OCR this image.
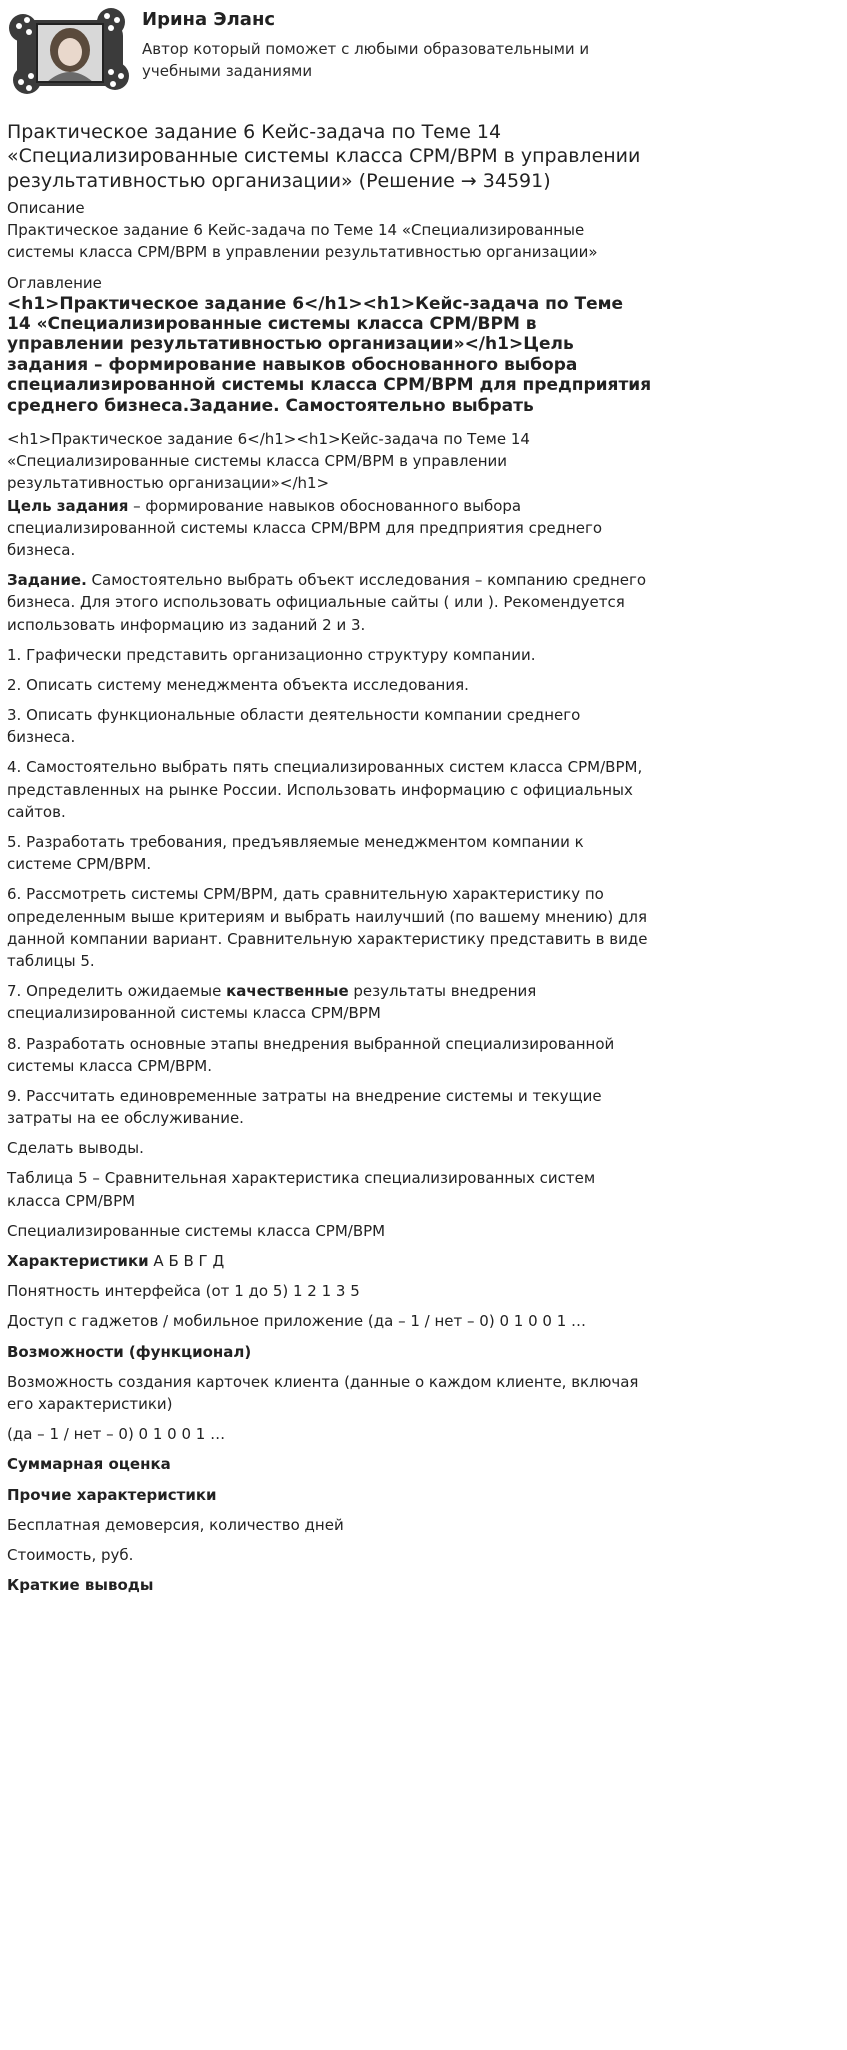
Ирина Эланс
Автор который поможет с любыми образовательными и учебными заданиями
Практическое задание 6 Кейс-задача по Теме 14 «Специализированные системы класса CPM/BPM в управлении результативностью организации» (Решение → 34591)
Описание

Практическое задание 6 Кейс-задача по Теме 14 «Специализированные системы класса CPM/BPM в управлении результативностью организации»

Оглавление

<h1>Практическое задание 6</h1><h1>Кейс-задача по Теме 14 «Специализированные системы класса CPM/BPM в управлении результативностью организации»</h1>Цель задания – формирование навыков обоснованного выбора специализированной системы класса CPM/BPM для предприятия среднего бизнеса.Задание. Самостоятельно выбрать

<h1>Практическое задание 6</h1><h1>Кейс-задача по Теме 14 «Специализированные системы класса CPM/BPM в управлении результативностью организации»</h1>

Цель задания – формирование навыков обоснованного выбора специализированной системы класса CPM/BPM для предприятия среднего бизнеса.

Задание. Самостоятельно выбрать объект исследования – компанию среднего бизнеса. Для этого использовать официальные сайты ( или ). Рекомендуется использовать информацию из заданий 2 и 3.

1. Графически представить организационно структуру компании.

2. Описать систему менеджмента объекта исследования.

3. Описать функциональные области деятельности компании среднего бизнеса.

4. Самостоятельно выбрать пять специализированных систем класса CPM/BPM, представленных на рынке России. Использовать информацию с официальных сайтов.

5. Разработать требования, предъявляемые менеджментом компании к системе CPM/BPM.

6. Рассмотреть системы CPM/BPM, дать сравнительную характеристику по определенным выше критериям и выбрать наилучший (по вашему мнению) для данной компании вариант. Сравнительную характеристику представить в виде таблицы 5.

7. Определить ожидаемые качественные результаты внедрения специализированной системы класса CPM/BPM

8. Разработать основные этапы внедрения выбранной специализированной системы класса CPM/BPM.

9. Рассчитать единовременные затраты на внедрение системы и текущие затраты на ее обслуживание.

Сделать выводы.

Таблица 5 – Сравнительная характеристика специализированных систем класса CPM/BPM

Специализированные системы класса CPM/BPM

Характеристики А Б В Г Д

Понятность интерфейса (от 1 до 5) 1 2 1 3 5

Доступ с гаджетов / мобильное приложение (да – 1 / нет – 0) 0 1 0 0 1 …

Возможности (функционал)

Возможность создания карточек клиента (данные о каждом клиенте, включая его характеристики)

(да – 1 / нет – 0) 0 1 0 0 1 …

Суммарная оценка

Прочие характеристики

Бесплатная демоверсия, количество дней

Стоимость, руб.

Краткие выводы
